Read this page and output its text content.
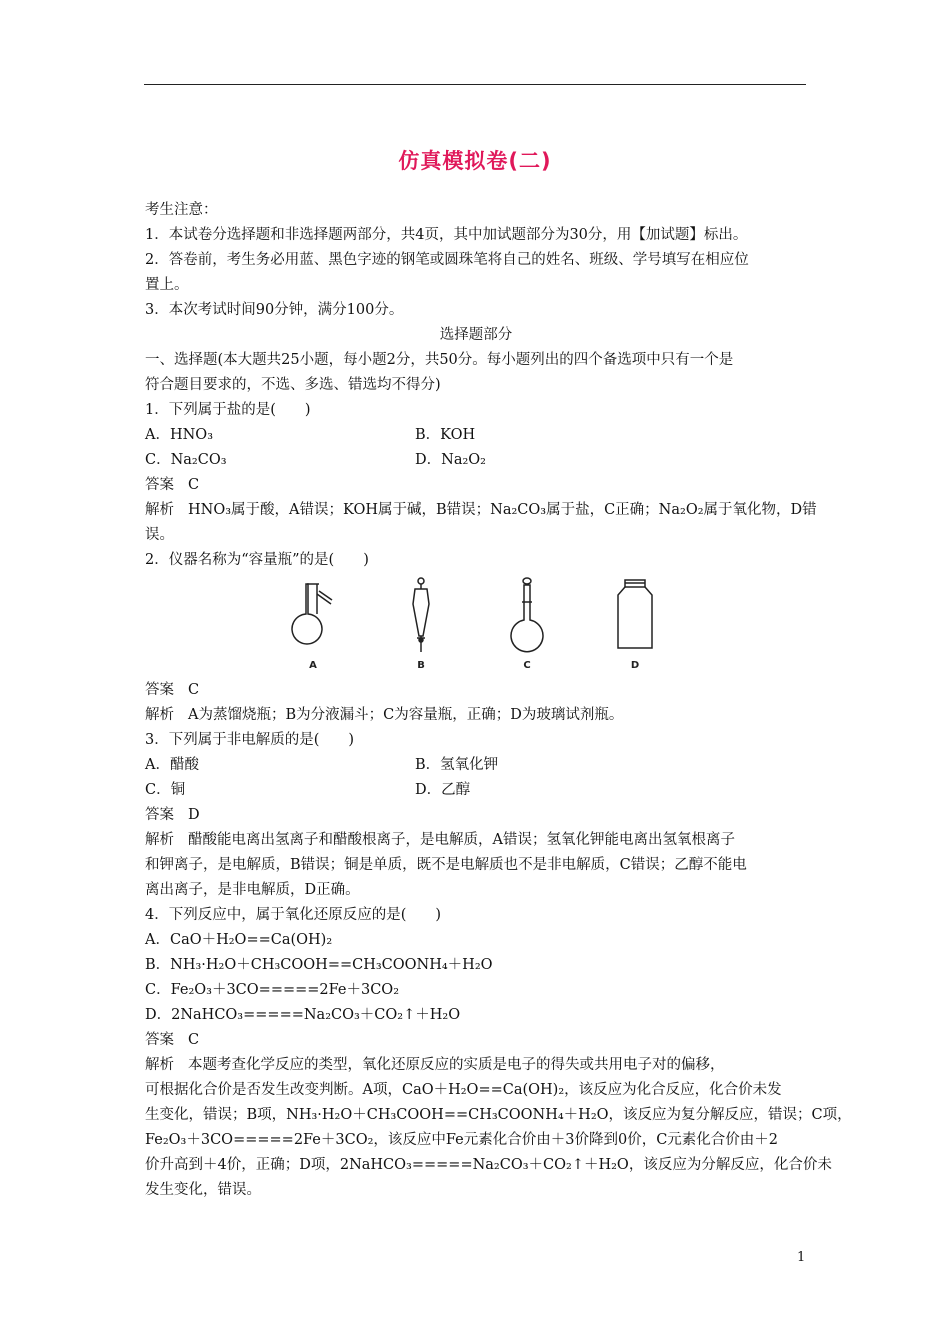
仿真模拟卷(二)
考生注意：
1．本试卷分选择题和非选择题两部分，共4页，其中加试题部分为30分，用【加试题】标出。
2．答卷前，考生务必用蓝、黑色字迹的钢笔或圆珠笔将自己的姓名、班级、学号填写在相应位
置上。
3．本次考试时间90分钟，满分100分。
选择题部分
一、选择题(本大题共25小题，每小题2分，共50分。每小题列出的四个备选项中只有一个是
符合题目要求的，不选、多选、错选均不得分)
1．下列属于盐的是(　　)
A．HNO₃	B．KOH
C．Na₂CO₃	D．Na₂O₂
答案 C
解析 HNO₃属于酸，A错误；KOH属于碱，B错误；Na₂CO₃属于盐，C正确；Na₂O₂属于氧化物，D错
误。
2．仪器名称为“容量瓶”的是(　　)
A	B	C	D
答案 C
解析 A为蒸馏烧瓶；B为分液漏斗；C为容量瓶，正确；D为玻璃试剂瓶。
3．下列属于非电解质的是(　　)
A．醋酸	B．氢氧化钾
C．铜	D．乙醇
答案 D
解析 醋酸能电离出氢离子和醋酸根离子，是电解质，A错误；氢氧化钾能电离出氢氧根离子
和钾离子，是电解质，B错误；铜是单质，既不是电解质也不是非电解质，C错误；乙醇不能电
离出离子，是非电解质，D正确。
4．下列反应中，属于氧化还原反应的是(　　)
A．CaO＋H₂O==Ca(OH)₂
B．NH₃·H₂O＋CH₃COOH==CH₃COONH₄＋H₂O
C．Fe₂O₃＋3CO=====2Fe＋3CO₂
D．2NaHCO₃=====Na₂CO₃＋CO₂↑＋H₂O
答案 C
解析 本题考查化学反应的类型，氧化还原反应的实质是电子的得失或共用电子对的偏移，
可根据化合价是否发生改变判断。A项，CaO＋H₂O==Ca(OH)₂，该反应为化合反应，化合价未发
生变化，错误；B项，NH₃·H₂O＋CH₃COOH==CH₃COONH₄＋H₂O，该反应为复分解反应，错误；C项，
Fe₂O₃＋3CO=====2Fe＋3CO₂，该反应中Fe元素化合价由＋3价降到0价，C元素化合价由＋2
价升高到＋4价，正确；D项，2NaHCO₃=====Na₂CO₃＋CO₂↑＋H₂O，该反应为分解反应，化合价未
发生变化，错误。
1
